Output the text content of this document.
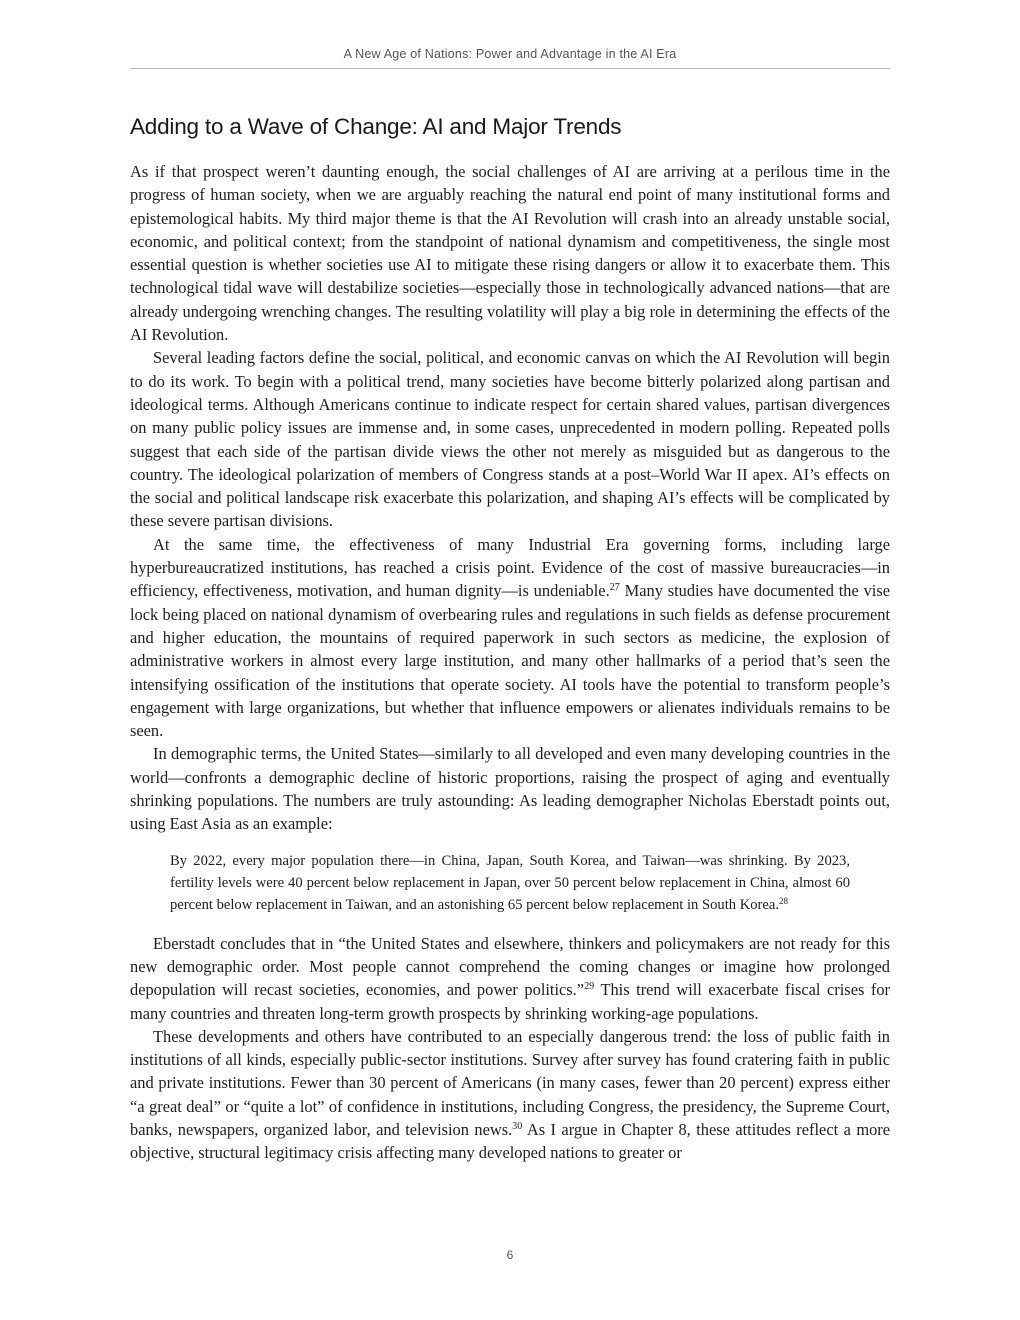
A New Age of Nations: Power and Advantage in the AI Era
Adding to a Wave of Change: AI and Major Trends

As if that prospect weren’t daunting enough, the social challenges of AI are arriving at a perilous time in the progress of human society, when we are arguably reaching the natural end point of many institutional forms and epistemological habits. My third major theme is that the AI Revolution will crash into an already unstable social, economic, and political context; from the standpoint of national dynamism and competitiveness, the single most essential question is whether societies use AI to mitigate these rising dangers or allow it to exacerbate them. This technological tidal wave will destabilize societies—especially those in technologically advanced nations—that are already undergoing wrenching changes. The resulting volatility will play a big role in determining the effects of the AI Revolution.

Several leading factors define the social, political, and economic canvas on which the AI Revolution will begin to do its work. To begin with a political trend, many societies have become bitterly polarized along partisan and ideological terms. Although Americans continue to indicate respect for certain shared values, partisan divergences on many public policy issues are immense and, in some cases, unprecedented in modern polling. Repeated polls suggest that each side of the partisan divide views the other not merely as misguided but as dangerous to the country. The ideological polarization of members of Congress stands at a post–World War II apex. AI’s effects on the social and political landscape risk exacerbate this polarization, and shaping AI’s effects will be complicated by these severe partisan divisions.

At the same time, the effectiveness of many Industrial Era governing forms, including large hyperbureaucratized institutions, has reached a crisis point. Evidence of the cost of massive bureaucracies—in efficiency, effectiveness, motivation, and human dignity—is undeniable.$^{27}$ Many studies have documented the vise lock being placed on national dynamism of overbearing rules and regulations in such fields as defense procurement and higher education, the mountains of required paperwork in such sectors as medicine, the explosion of administrative workers in almost every large institution, and many other hallmarks of a period that’s seen the intensifying ossification of the institutions that operate society. AI tools have the potential to transform people’s engagement with large organizations, but whether that influence empowers or alienates individuals remains to be seen.

In demographic terms, the United States—similarly to all developed and even many developing countries in the world—confronts a demographic decline of historic proportions, raising the prospect of aging and eventually shrinking populations. The numbers are truly astounding: As leading demographer Nicholas Eberstadt points out, using East Asia as an example:

By 2022, every major population there—in China, Japan, South Korea, and Taiwan—was shrinking. By 2023, fertility levels were 40 percent below replacement in Japan, over 50 percent below replacement in China, almost 60 percent below replacement in Taiwan, and an astonishing 65 percent below replacement in South Korea.$^{28}$

Eberstadt concludes that in “the United States and elsewhere, thinkers and policymakers are not ready for this new demographic order. Most people cannot comprehend the coming changes or imagine how prolonged depopulation will recast societies, economies, and power politics.”$^{29}$ This trend will exacerbate fiscal crises for many countries and threaten long-term growth prospects by shrinking working-age populations.

These developments and others have contributed to an especially dangerous trend: the loss of public faith in institutions of all kinds, especially public-sector institutions. Survey after survey has found cratering faith in public and private institutions. Fewer than 30 percent of Americans (in many cases, fewer than 20 percent) express either “a great deal” or “quite a lot” of confidence in institutions, including Congress, the presidency, the Supreme Court, banks, newspapers, organized labor, and television news.$^{30}$ As I argue in Chapter 8, these attitudes reflect a more objective, structural legitimacy crisis affecting many developed nations to greater or

6
